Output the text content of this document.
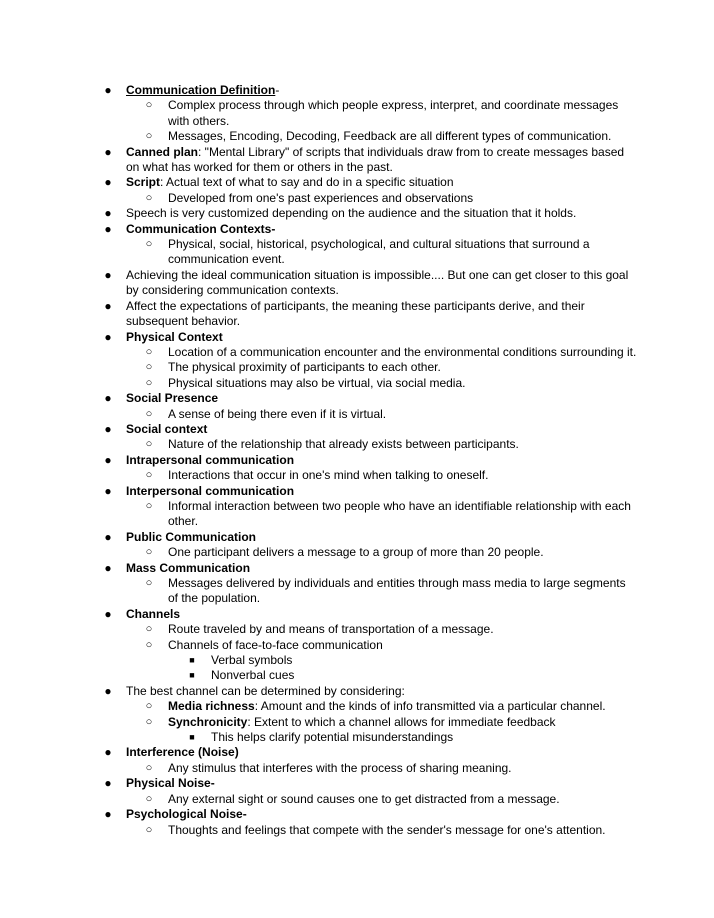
● Communication Definition-
○	Complex process through which people express, interpret, and coordinate messages with others.
○	Messages, Encoding, Decoding, Feedback are all different types of communication.
● Canned plan: "Mental Library" of scripts that individuals draw from to create messages based on what has worked for them or others in the past.
● Script: Actual text of what to say and do in a specific situation
○	Developed from one's past experiences and observations
● Speech is very customized depending on the audience and the situation that it holds.
● Communication Contexts-
○	Physical, social, historical, psychological, and cultural situations that surround a communication event.
● Achieving the ideal communication situation is impossible.... But one can get closer to this goal by considering communication contexts.
● Affect the expectations of participants, the meaning these participants derive, and their subsequent behavior.
● Physical Context
○	Location of a communication encounter and the environmental conditions surrounding it.
○	The physical proximity of participants to each other.
○	Physical situations may also be virtual, via social media.
● Social Presence
○	A sense of being there even if it is virtual.
● Social context
○	Nature of the relationship that already exists between participants.
● Intrapersonal communication
○	Interactions that occur in one's mind when talking to oneself.
● Interpersonal communication
○	Informal interaction between two people who have an identifiable relationship with each other.
● Public Communication
○	One participant delivers a message to a group of more than 20 people.
● Mass Communication
○	Messages delivered by individuals and entities through mass media to large segments of the population.
● Channels
○	Route traveled by and means of transportation of a message.
○	Channels of face-to-face communication
■	Verbal symbols
■	Nonverbal cues
● The best channel can be determined by considering:
○	Media richness: Amount and the kinds of info transmitted via a particular channel.
○	Synchronicity: Extent to which a channel allows for immediate feedback
■	This helps clarify potential misunderstandings
● Interference (Noise)
○	Any stimulus that interferes with the process of sharing meaning.
● Physical Noise-
○	Any external sight or sound causes one to get distracted from a message.
● Psychological Noise-
○	Thoughts and feelings that compete with the sender's message for one's attention.
